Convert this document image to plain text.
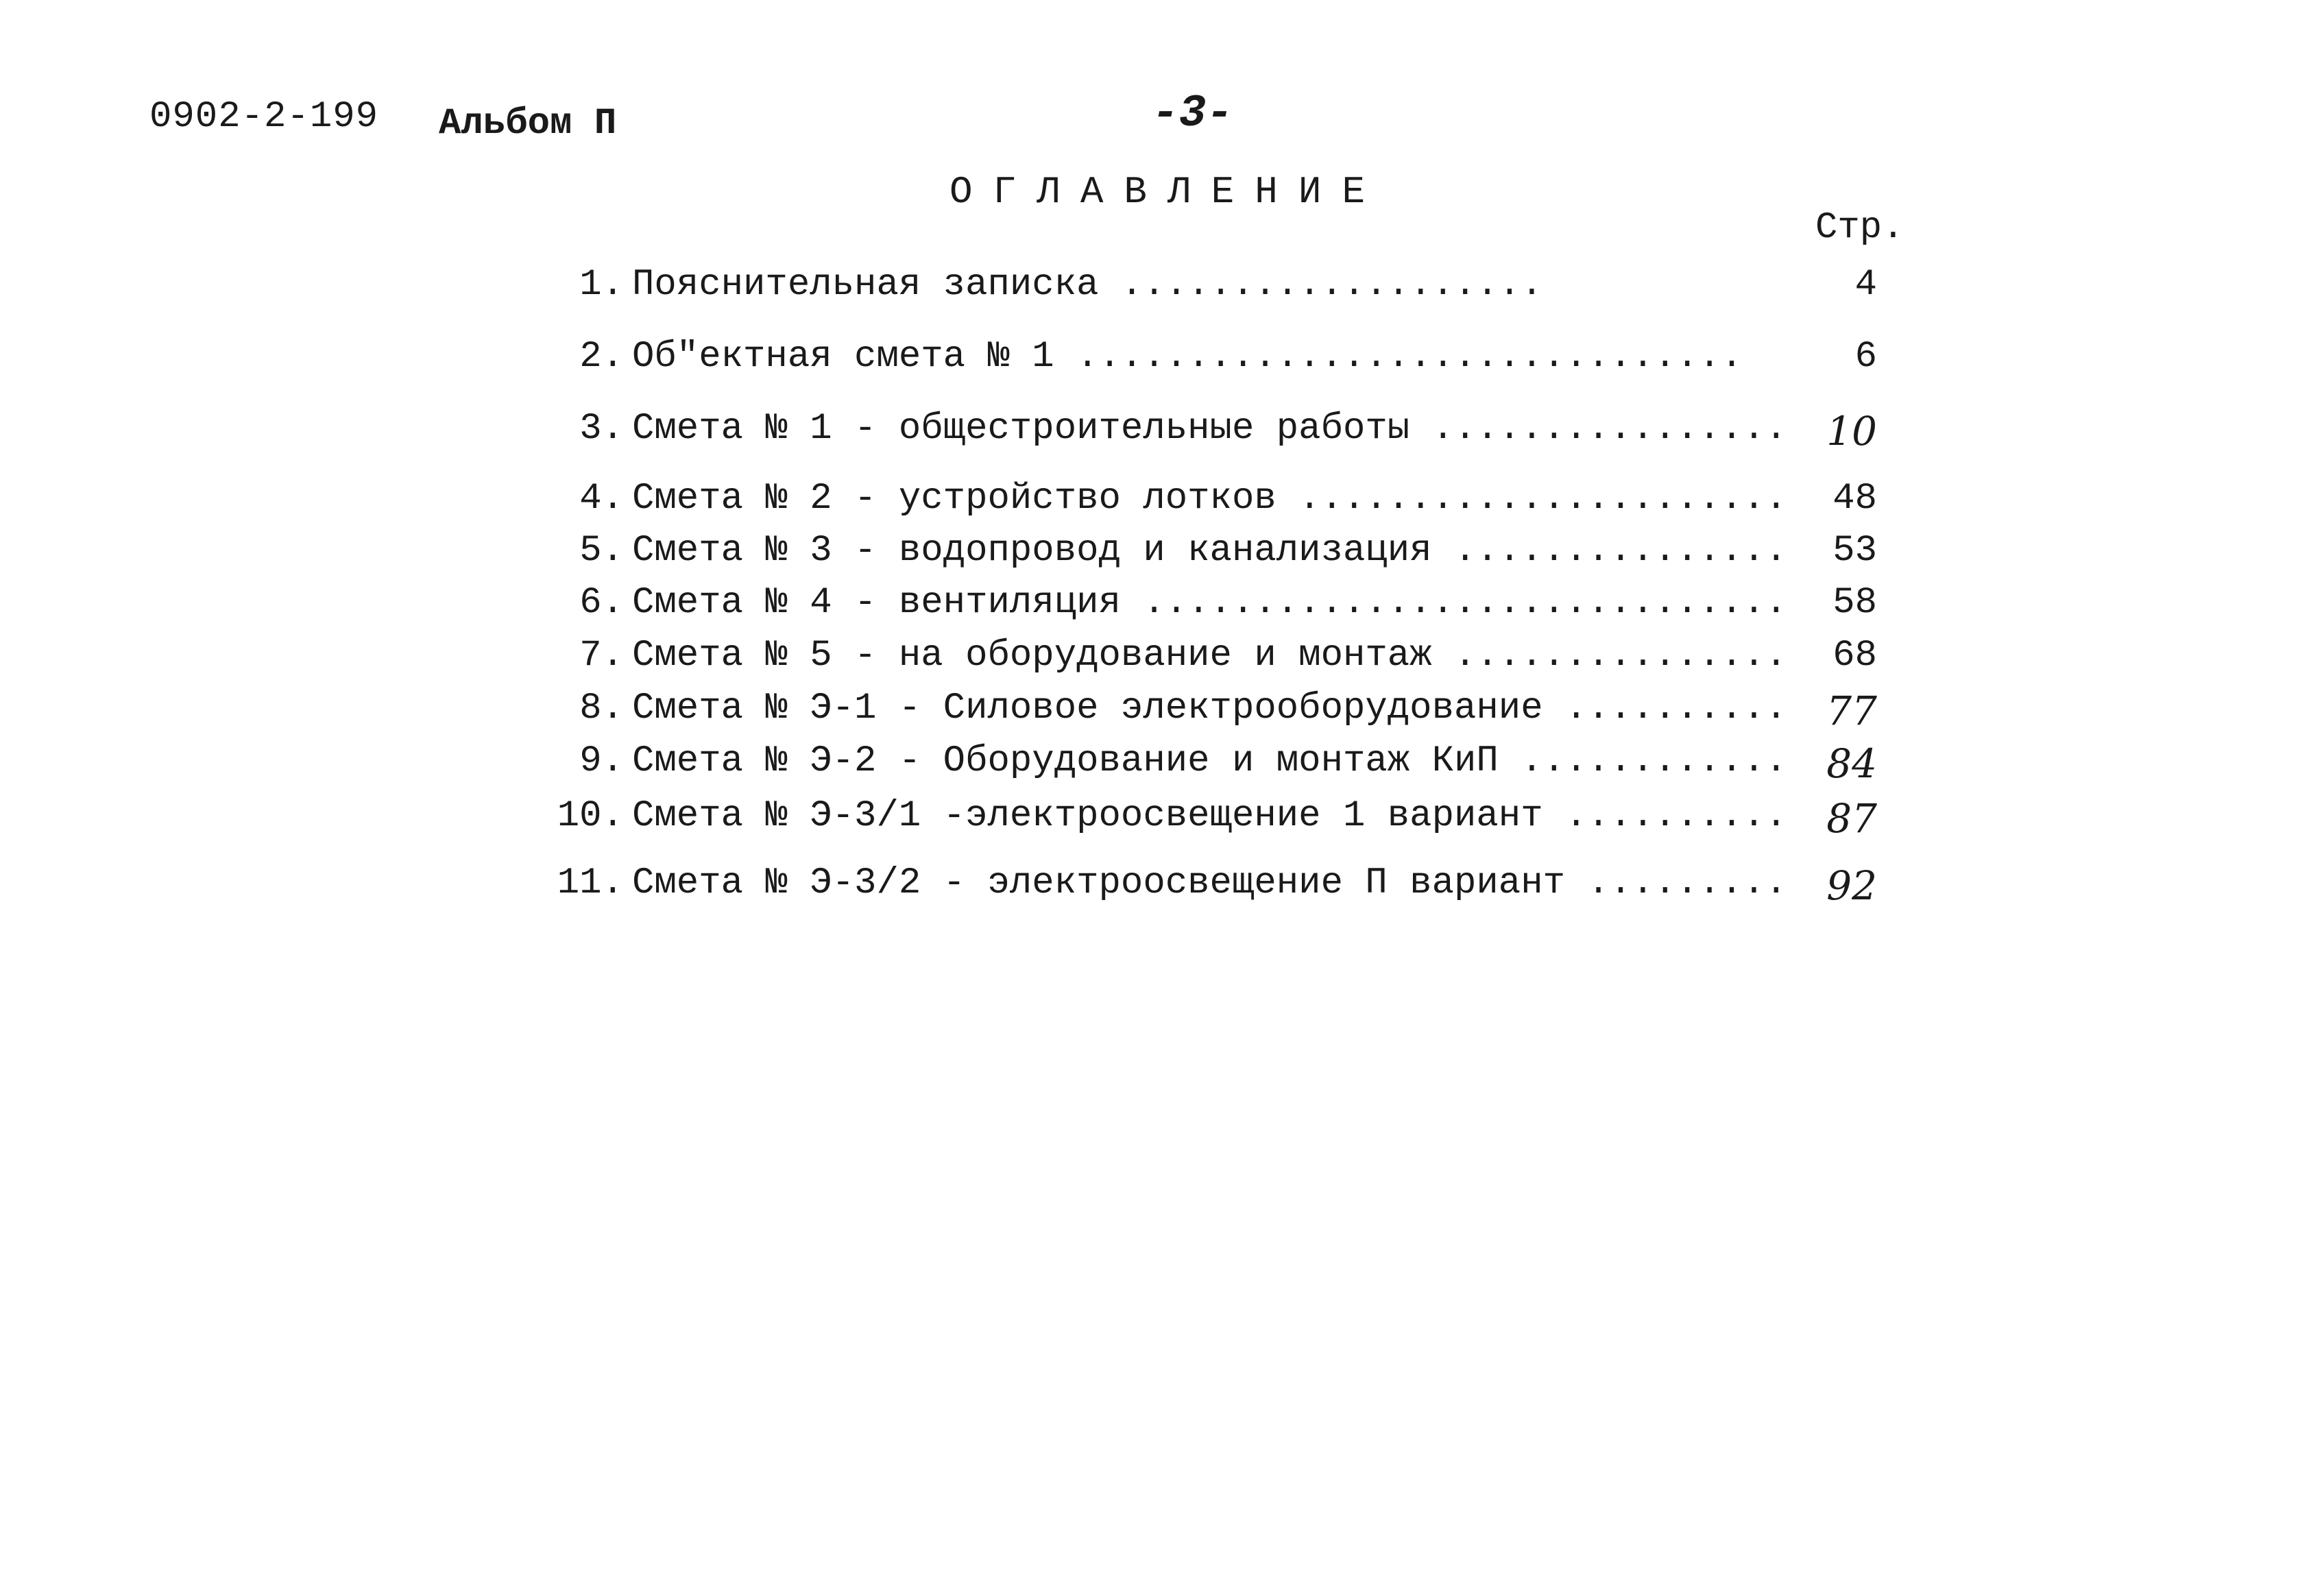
0902-2-199 Альбом П	-3-
ОГЛАВЛЕНИЕ
Стр.
1. Пояснительная записка ...................	4
2. Об"ектная смета № 1 ..............................	6
3. Смета № 1 - общестроительные работы ................ 10
4. Смета № 2 - устройство лотков ......................	48
5. Смета № 3 - водопровод и канализация ...............	53
6. Смета № 4 - вентиляция .............................	58
7. Смета № 5 - на оборудование и монтаж ...............	68
8. Смета № Э-1 - Силовое электрооборудование .......... 77
9. Смета № Э-2 - Оборудование и монтаж КиП ............ 84
10. Смета № Э-3/1 -электроосвещение 1 вариант .......... 87
11. Смета № Э-3/2 - электроосвещение П вариант ......... 92
